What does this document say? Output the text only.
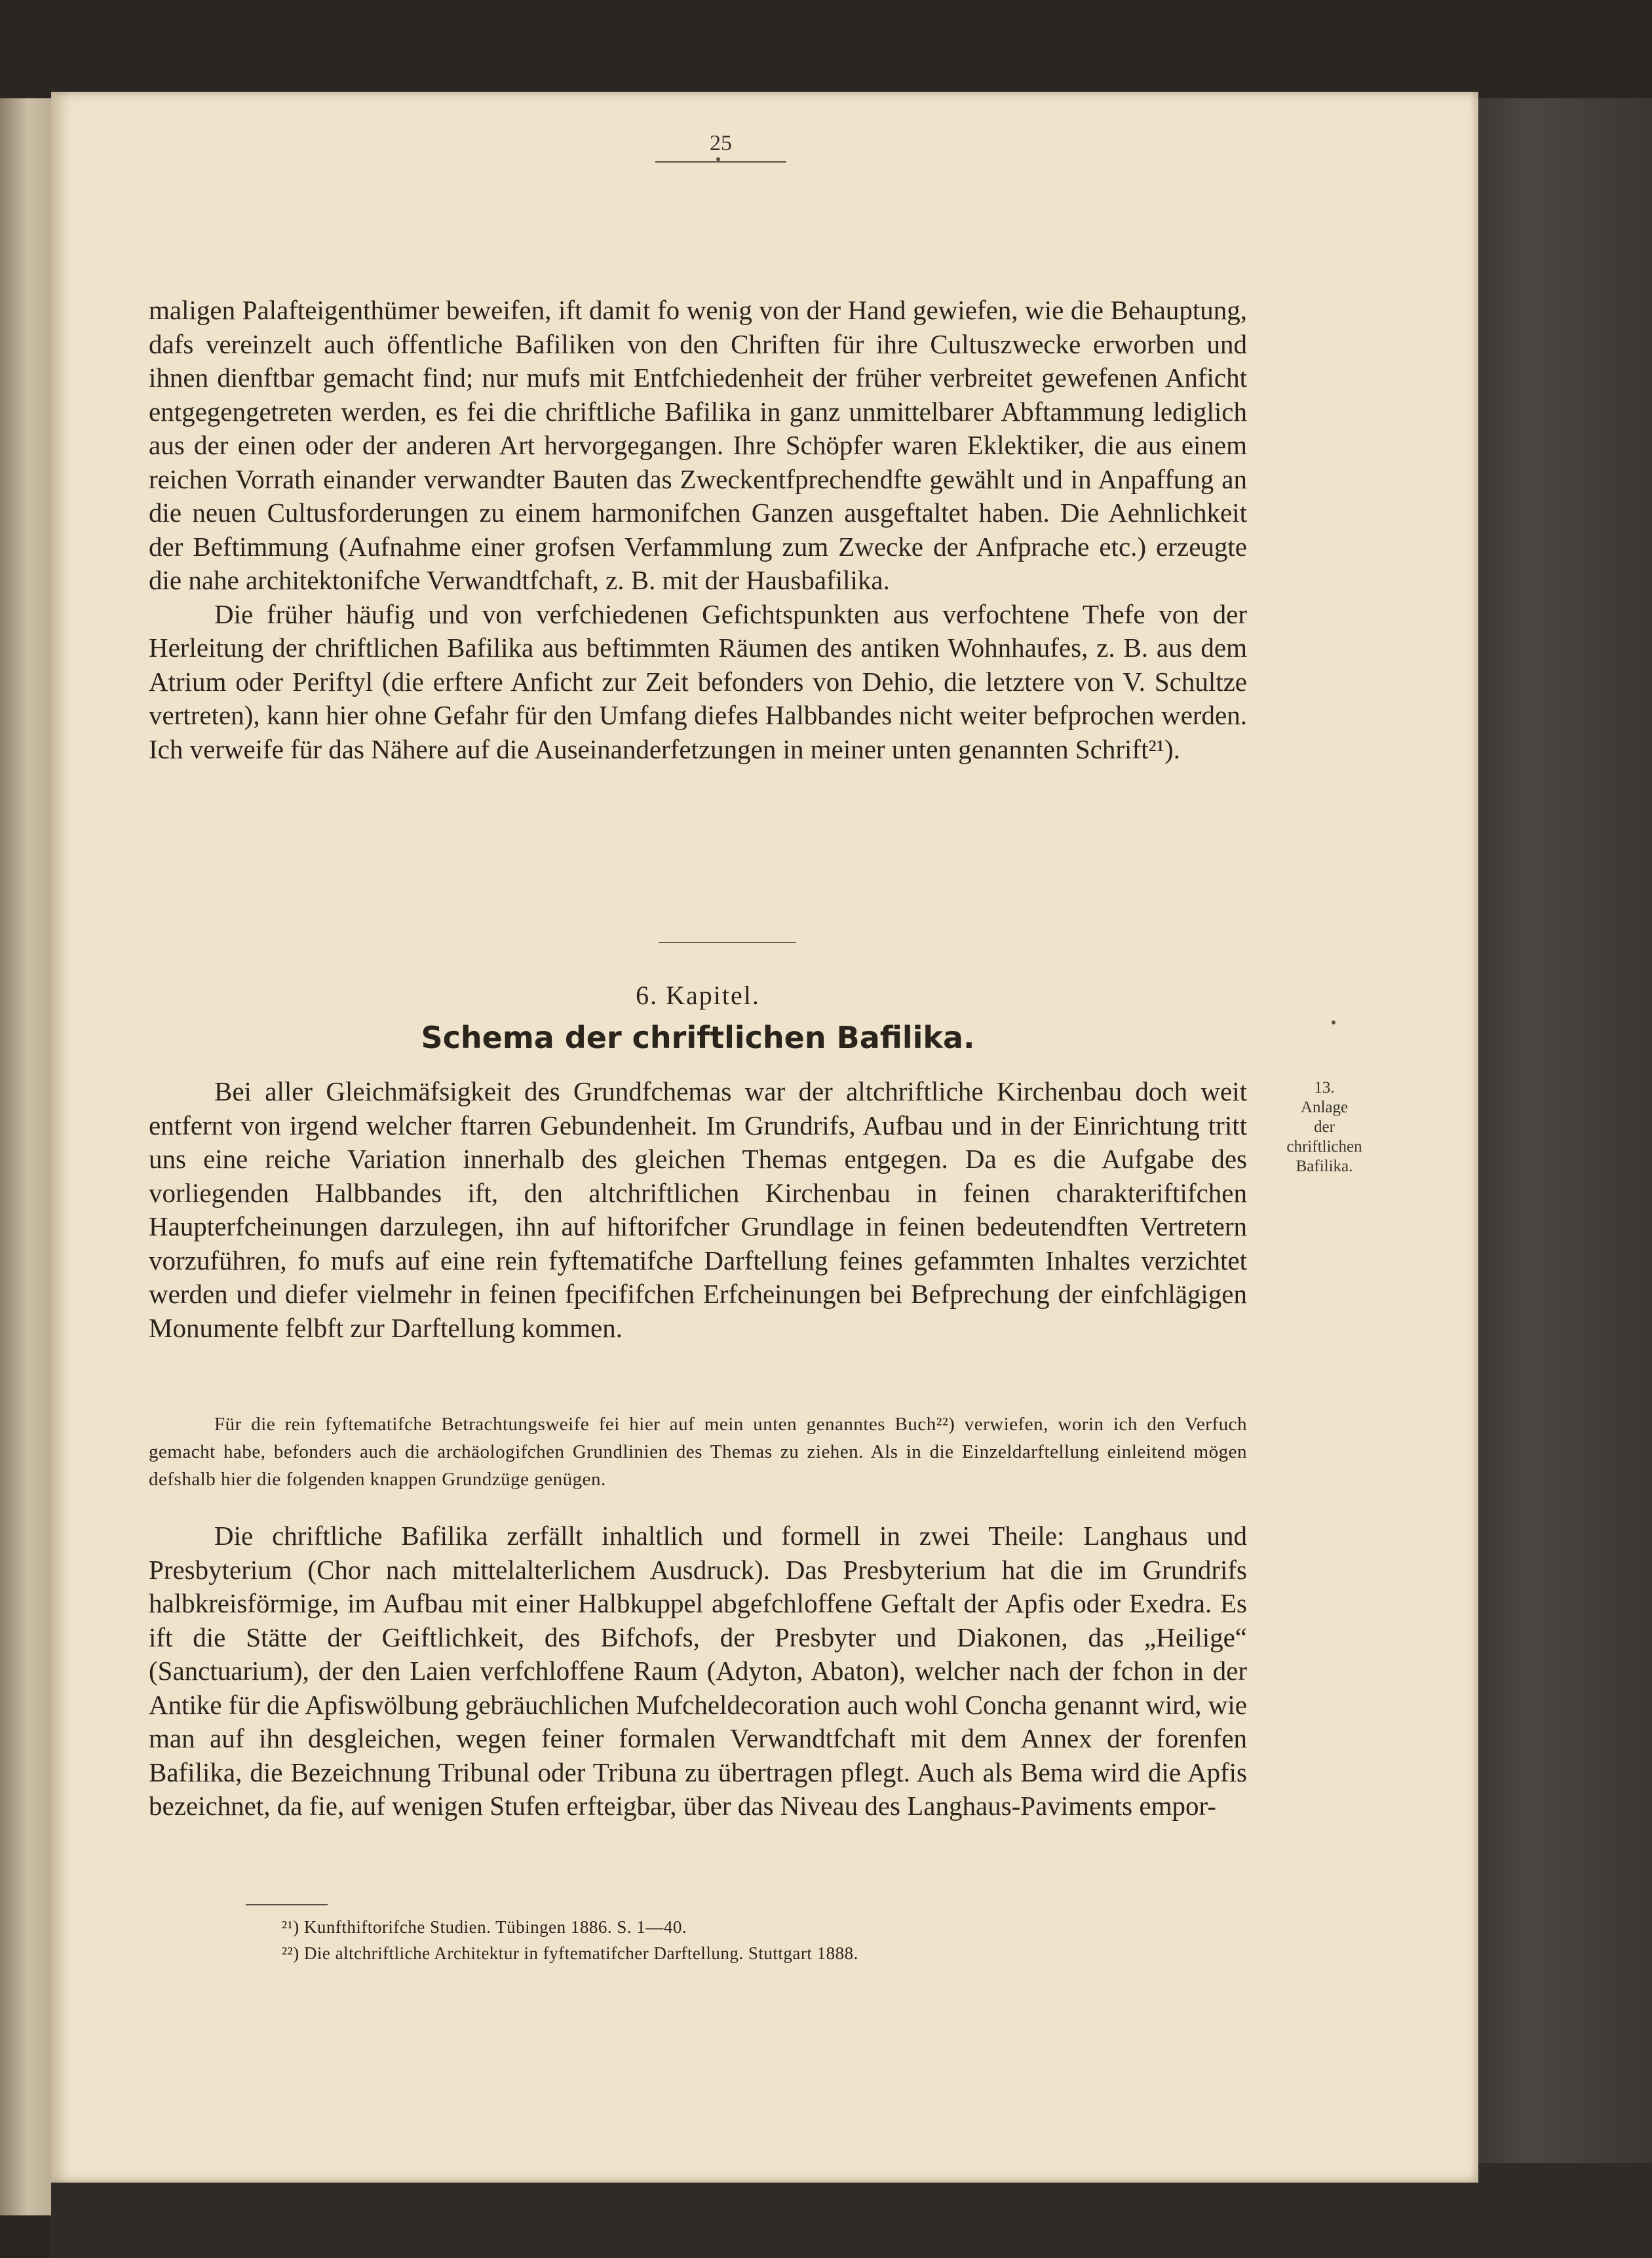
25

maligen Palafteigenthümer beweifen, ift damit fo wenig von der Hand gewiefen, wie die Behauptung, dafs vereinzelt auch öffentliche Bafiliken von den Chriften für ihre Cultuszwecke erworben und ihnen dienftbar gemacht find; nur mufs mit Entfchiedenheit der früher verbreitet gewefenen Anficht entgegengetreten werden, es fei die chriftliche Bafilika in ganz unmittelbarer Abftammung lediglich aus der einen oder der anderen Art hervorgegangen. Ihre Schöpfer waren Eklektiker, die aus einem reichen Vorrath einander verwandter Bauten das Zweckentfprechendfte gewählt und in Anpaffung an die neuen Cultusforderungen zu einem harmonifchen Ganzen ausgeftaltet haben. Die Aehnlichkeit der Beftimmung (Aufnahme einer grofsen Verfammlung zum Zwecke der Anfprache etc.) erzeugte die nahe architektonifche Verwandtfchaft, z. B. mit der Hausbafilika.

Die früher häufig und von verfchiedenen Gefichtspunkten aus verfochtene Thefe von der Herleitung der chriftlichen Bafilika aus beftimmten Räumen des antiken Wohnhaufes, z. B. aus dem Atrium oder Periftyl (die erftere Anficht zur Zeit befonders von Dehio, die letztere von V. Schultze vertreten), kann hier ohne Gefahr für den Umfang diefes Halbbandes nicht weiter befprochen werden. Ich verweife für das Nähere auf die Auseinanderfetzungen in meiner unten genannten Schrift²¹).

6. Kapitel.
Schema der chriftlichen Bafilika.
13.
Anlage
der
chriftlichen
Bafilika.

Bei aller Gleichmäfsigkeit des Grundfchemas war der altchriftliche Kirchenbau doch weit entfernt von irgend welcher ftarren Gebundenheit. Im Grundrifs, Aufbau und in der Einrichtung tritt uns eine reiche Variation innerhalb des gleichen Themas entgegen. Da es die Aufgabe des vorliegenden Halbbandes ift, den altchriftlichen Kirchenbau in feinen charakteriftifchen Haupterfcheinungen darzulegen, ihn auf hiftorifcher Grundlage in feinen bedeutendften Vertretern vorzuführen, fo mufs auf eine rein fyftematifche Darftellung feines gefammten Inhaltes verzichtet werden und diefer vielmehr in feinen fpecififchen Erfcheinungen bei Befprechung der einfchlägigen Monumente felbft zur Darftellung kommen.

Für die rein fyftematifche Betrachtungsweife fei hier auf mein unten genanntes Buch²²) verwiefen, worin ich den Verfuch gemacht habe, befonders auch die archäologifchen Grundlinien des Themas zu ziehen. Als in die Einzeldarftellung einleitend mögen defshalb hier die folgenden knappen Grundzüge genügen.

Die chriftliche Bafilika zerfällt inhaltlich und formell in zwei Theile: Langhaus und Presbyterium (Chor nach mittelalterlichem Ausdruck). Das Presbyterium hat die im Grundrifs halbkreisförmige, im Aufbau mit einer Halbkuppel abgefchloffene Geftalt der Apfis oder Exedra. Es ift die Stätte der Geiftlichkeit, des Bifchofs, der Presbyter und Diakonen, das „Heilige“ (Sanctuarium), der den Laien verfchloffene Raum (Adyton, Abaton), welcher nach der fchon in der Antike für die Apfiswölbung gebräuchlichen Mufcheldecoration auch wohl Concha genannt wird, wie man auf ihn desgleichen, wegen feiner formalen Verwandtfchaft mit dem Annex der forenfen Bafilika, die Bezeichnung Tribunal oder Tribuna zu übertragen pflegt. Auch als Bema wird die Apfis bezeichnet, da fie, auf wenigen Stufen erfteigbar, über das Niveau des Langhaus-Paviments empor-

²¹) Kunfthiftorifche Studien. Tübingen 1886. S. 1—40.

²²) Die altchriftliche Architektur in fyftematifcher Darftellung. Stuttgart 1888.
